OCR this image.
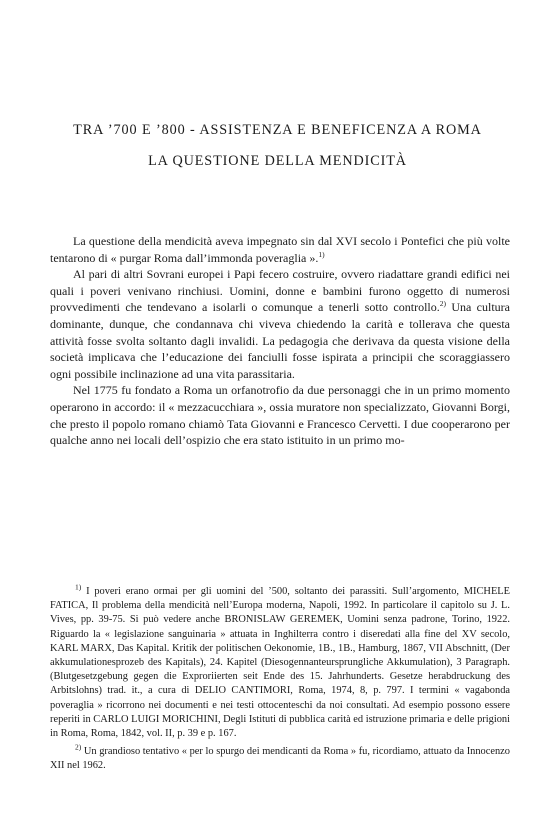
TRA ’700 E ’800 - ASSISTENZA E BENEFICENZA A ROMA
LA QUESTIONE DELLA MENDICITÀ

La questione della mendicità aveva impegnato sin dal XVI secolo i Pontefici che più volte tentarono di « purgar Roma dall’immonda poveraglia ».$^{1)}$

Al pari di altri Sovrani europei i Papi fecero costruire, ovvero riadattare grandi edifici nei quali i poveri venivano rinchiusi. Uomini, donne e bambini furono oggetto di numerosi provvedimenti che tendevano a isolarli o comunque a tenerli sotto controllo.$^{2)}$ Una cultura dominante, dunque, che condannava chi viveva chiedendo la carità e tollerava che questa attività fosse svolta soltanto dagli invalidi. La pedagogia che derivava da questa visione della società implicava che l’educazione dei fanciulli fosse ispirata a principii che scoraggiassero ogni possibile inclinazione ad una vita parassitaria.

Nel 1775 fu fondato a Roma un orfanotrofio da due personaggi che in un primo momento operarono in accordo: il « mezzacucchiara », ossia muratore non specializzato, Giovanni Borgi, che presto il popolo romano chiamò Tata Giovanni e Francesco Cervetti. I due cooperarono per qualche anno nei locali dell’ospizio che era stato istituito in un primo mo-

$^{1)}$ I poveri erano ormai per gli uomini del ’500, soltanto dei parassiti. Sull’argomento, MICHELE FATICA, Il problema della mendicità nell’Europa moderna, Napoli, 1992. In particolare il capitolo su J. L. Vives, pp. 39-75. Si può vedere anche BRONISLAW GEREMEK, Uomini senza padrone, Torino, 1922. Riguardo la « legislazione sanguinaria » attuata in Inghilterra contro i diseredati alla fine del XV secolo, KARL MARX, Das Kapital. Kritik der politischen Oekonomie, 1B., 1B., Hamburg, 1867, VII Abschnitt, (Der akkumulationesprozeb des Kapitals), 24. Kapitel (Diesogennanteursprungliche Akkumulation), 3 Paragraph. (Blutgesetzgebung gegen die Exproriierten seit Ende des 15. Jahrhunderts. Gesetze herabdruckung des Arbitslohns) trad. it., a cura di DELIO CANTIMORI, Roma, 1974, 8, p. 797. I termini « vagabonda poveraglia » ricorrono nei documenti e nei testi ottocenteschi da noi consultati. Ad esempio possono essere reperiti in CARLO LUIGI MORICHINI, Degli Istituti di pubblica carità ed istruzione primaria e delle prigioni in Roma, Roma, 1842, vol. II, p. 39 e p. 167.

$^{2)}$ Un grandioso tentativo « per lo spurgo dei mendicanti da Roma » fu, ricordiamo, attuato da Innocenzo XII nel 1962.
